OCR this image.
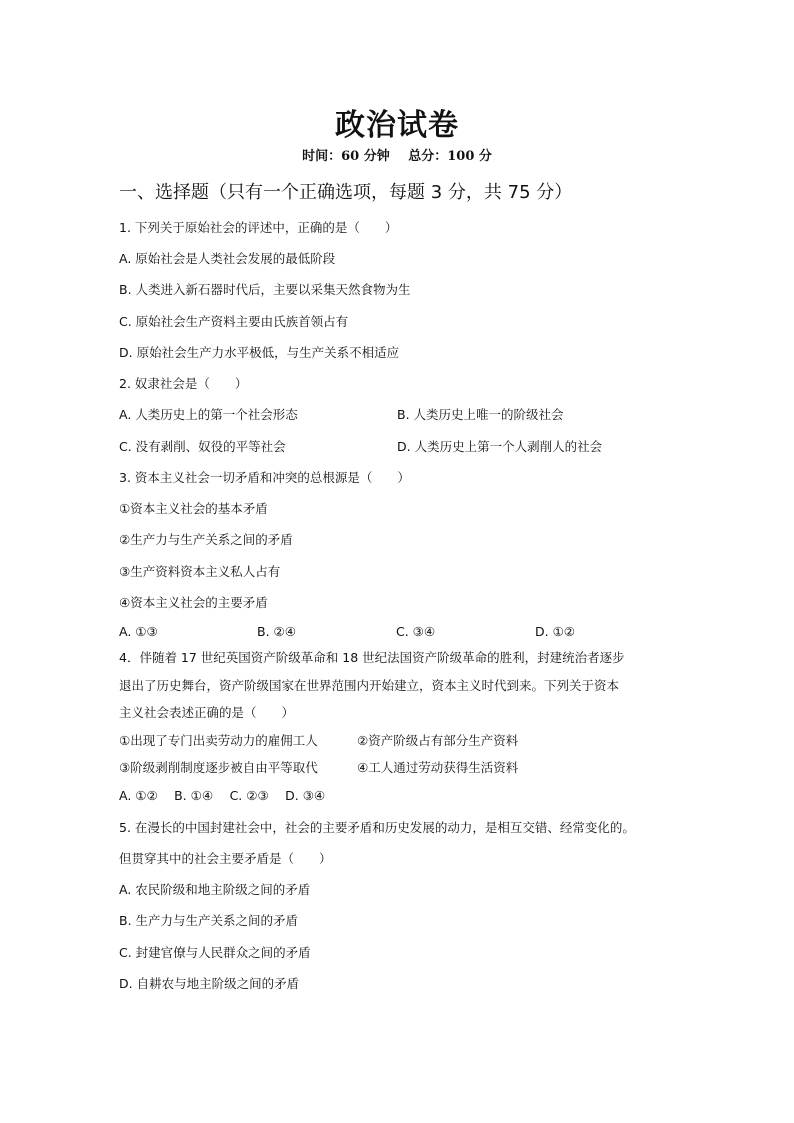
政治试卷
时间：60 分钟 总分：100 分
一、选择题（只有一个正确选项，每题 3 分，共 75 分）
1. 下列关于原始社会的评述中，正确的是（　　）
A. 原始社会是人类社会发展的最低阶段
B. 人类进入新石器时代后，主要以采集天然食物为生
C. 原始社会生产资料主要由氏族首领占有
D. 原始社会生产力水平极低，与生产关系不相适应
2. 奴隶社会是（　　）
A. 人类历史上的第一个社会形态	B. 人类历史上唯一的阶级社会
C. 没有剥削、奴役的平等社会	D. 人类历史上第一个人剥削人的社会
3. 资本主义社会一切矛盾和冲突的总根源是（　　）
①资本主义社会的基本矛盾
②生产力与生产关系之间的矛盾
③生产资料资本主义私人占有
④资本主义社会的主要矛盾
A. ①③	B. ②④	C. ③④	D. ①②
4．伴随着 17 世纪英国资产阶级革命和 18 世纪法国资产阶级革命的胜利，封建统治者逐步
退出了历史舞台，资产阶级国家在世界范围内开始建立，资本主义时代到来。下列关于资本
主义社会表述正确的是（　　）
①出现了专门出卖劳动力的雇佣工人	②资产阶级占有部分生产资料
③阶级剥削制度逐步被自由平等取代	④工人通过劳动获得生活资料
A. ①② 　B. ①④ 　C. ②③ 　D. ③④
5. 在漫长的中国封建社会中，社会的主要矛盾和历史发展的动力，是相互交错、经常变化的。
但贯穿其中的社会主要矛盾是（　　）
A. 农民阶级和地主阶级之间的矛盾
B. 生产力与生产关系之间的矛盾
C. 封建官僚与人民群众之间的矛盾
D. 自耕农与地主阶级之间的矛盾
